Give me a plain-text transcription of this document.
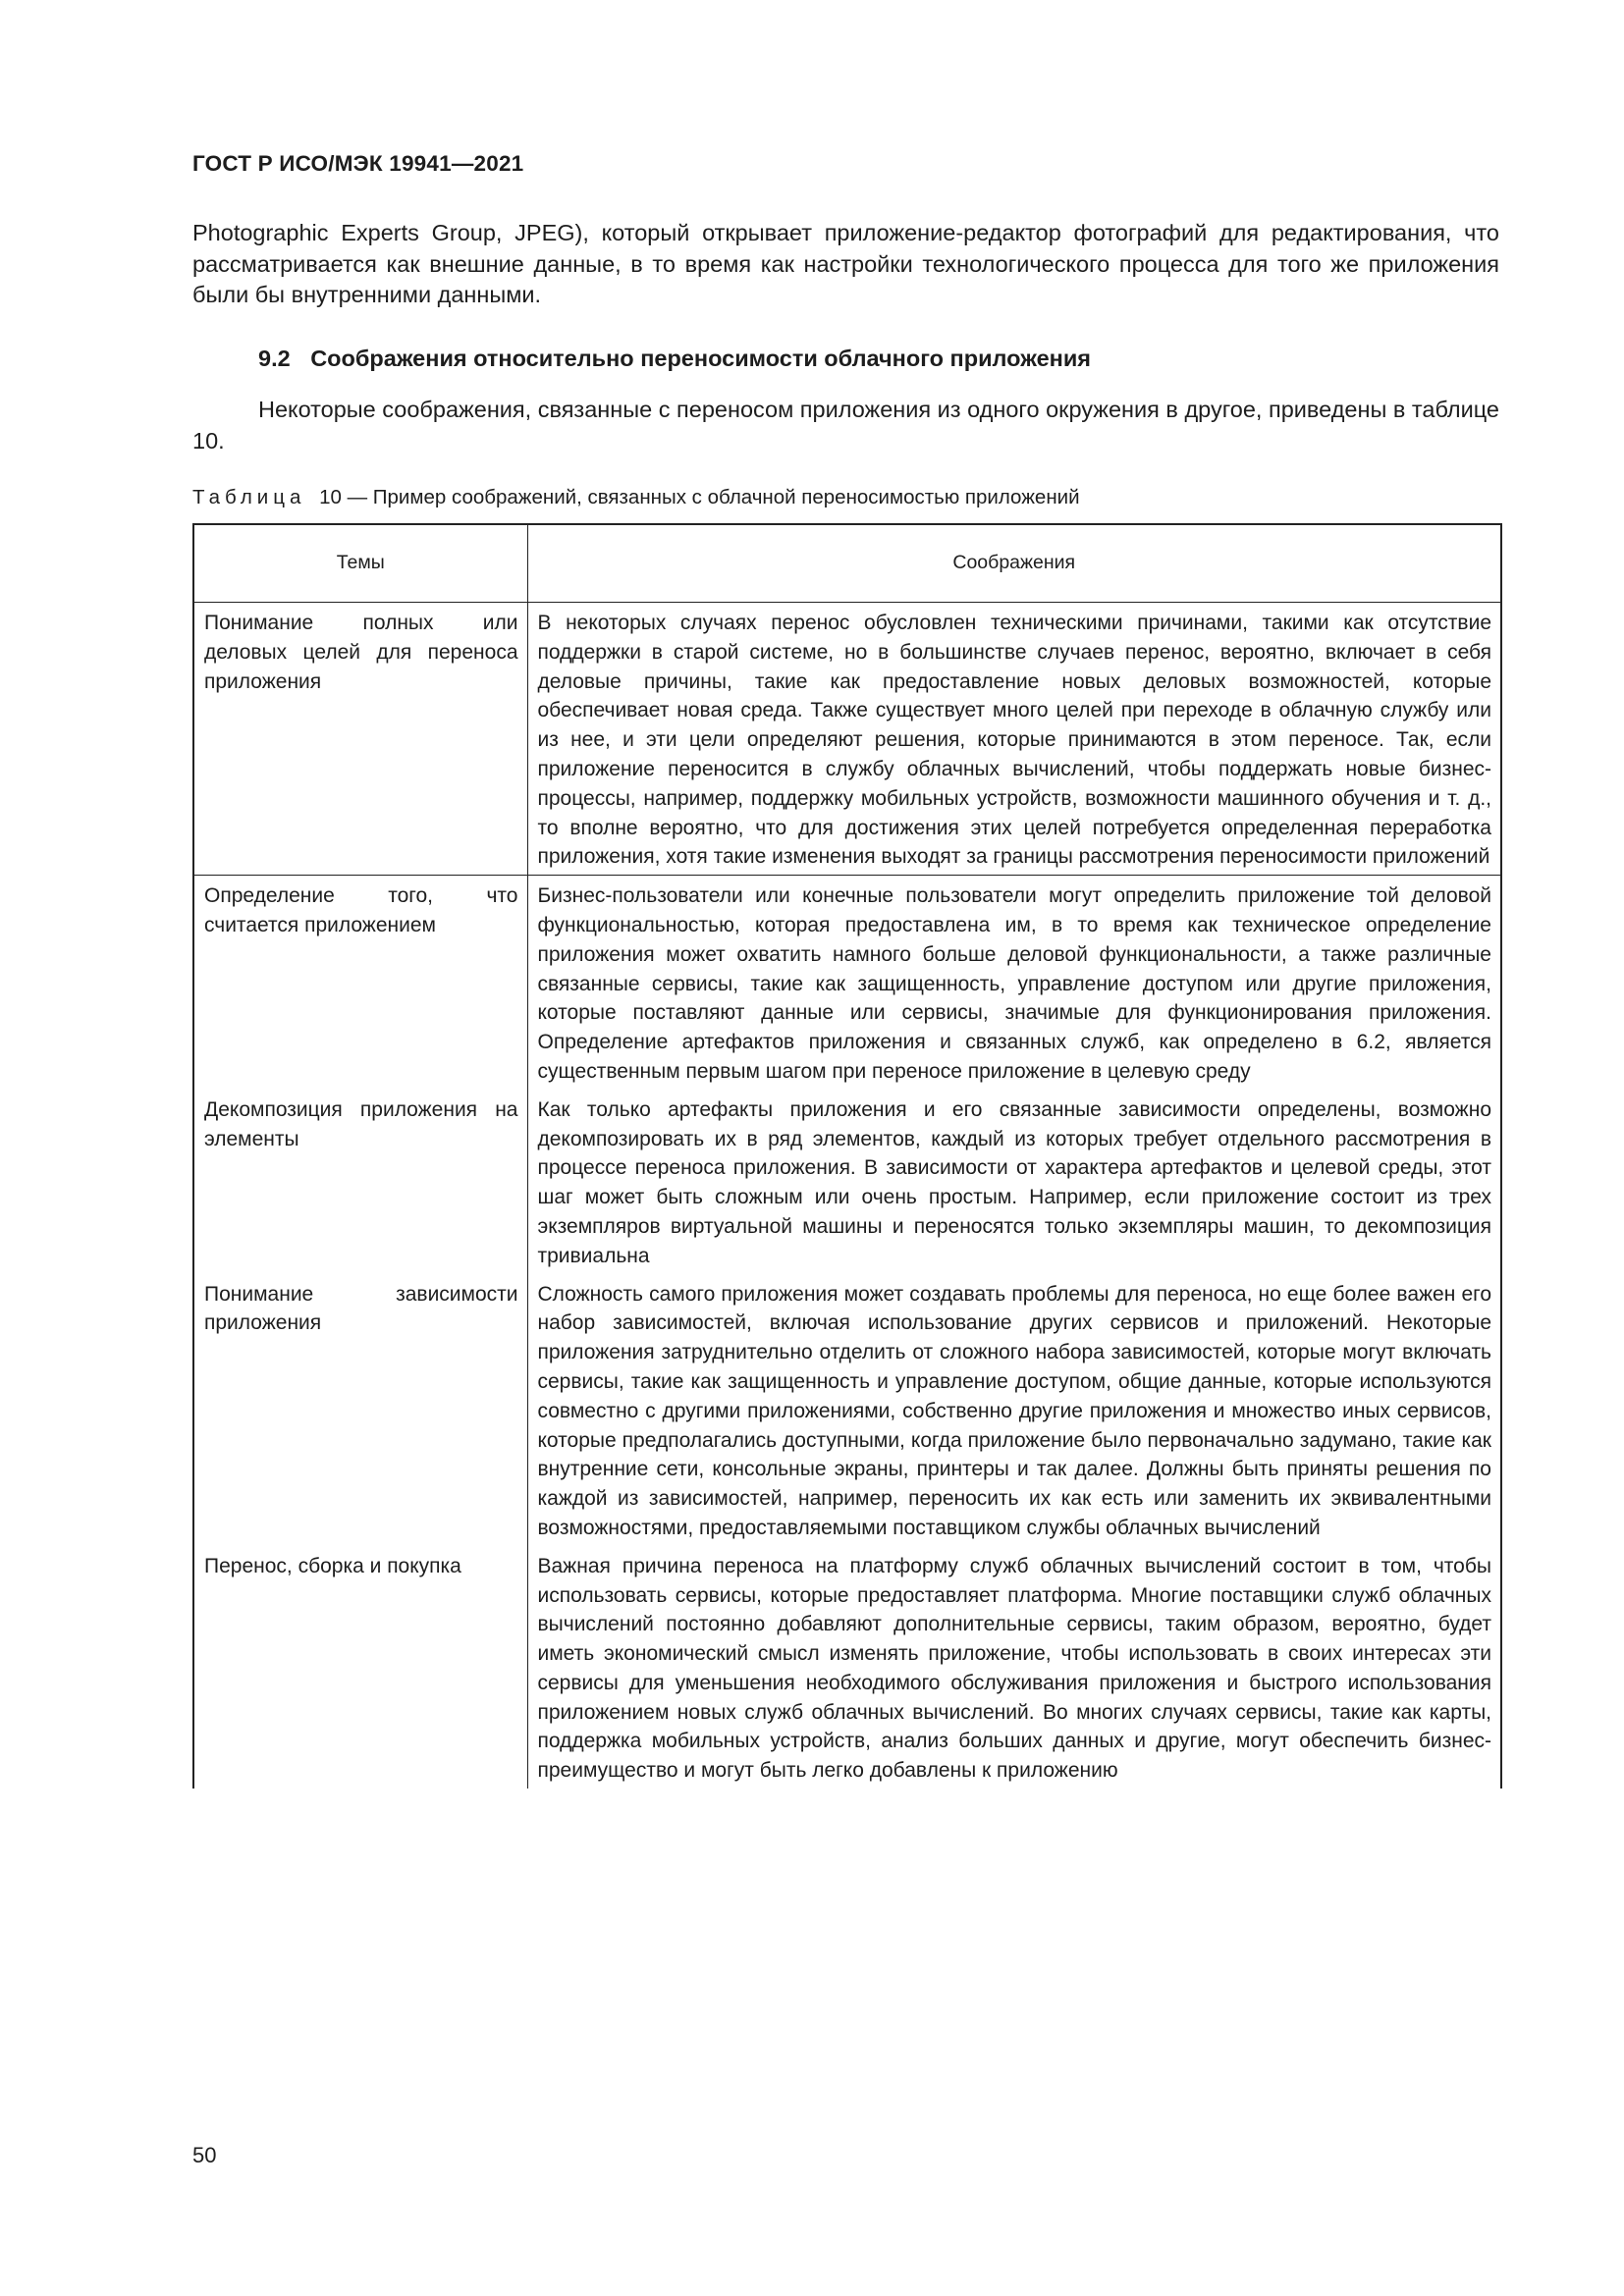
ГОСТ Р ИСО/МЭК 19941—2021

Photographic Experts Group, JPEG), который открывает приложение-редактор фотографий для редактирования, что рассматривается как внешние данные, в то время как настройки технологического процесса для того же приложения были бы внутренними данными.

9.2 Соображения относительно переносимости облачного приложения

Некоторые соображения, связанные с переносом приложения из одного окружения в другое, приведены в таблице 10.

Таблица 10 — Пример соображений, связанных с облачной переносимостью приложений
Темы	Соображения
Понимание полных или деловых целей для переноса приложения	В некоторых случаях перенос обусловлен техническими причинами, такими как отсутствие поддержки в старой системе, но в большинстве случаев перенос, вероятно, включает в себя деловые причины, такие как предоставление новых деловых возможностей, которые обеспечивает новая среда. Также существует много целей при переходе в облачную службу или из нее, и эти цели определяют решения, которые принимаются в этом переносе. Так, если приложение переносится в службу облачных вычислений, чтобы поддержать новые бизнес-процессы, например, поддержку мобильных устройств, возможности машинного обучения и т. д., то вполне вероятно, что для достижения этих целей потребуется определенная переработка приложения, хотя такие изменения выходят за границы рассмотрения переносимости приложений
Определение того, что считается приложением	Бизнес-пользователи или конечные пользователи могут определить приложение той деловой функциональностью, которая предоставлена им, в то время как техническое определение приложения может охватить намного больше деловой функциональности, а также различные связанные сервисы, такие как защищенность, управление доступом или другие приложения, которые поставляют данные или сервисы, значимые для функционирования приложения. Определение артефактов приложения и связанных служб, как определено в 6.2, является существенным первым шагом при переносе приложение в целевую среду
Декомпозиция приложения на элементы	Как только артефакты приложения и его связанные зависимости определены, возможно декомпозировать их в ряд элементов, каждый из которых требует отдельного рассмотрения в процессе переноса приложения. В зависимости от характера артефактов и целевой среды, этот шаг может быть сложным или очень простым. Например, если приложение состоит из трех экземпляров виртуальной машины и переносятся только экземпляры машин, то декомпозиция тривиальна
Понимание зависимости приложения	Сложность самого приложения может создавать проблемы для переноса, но еще более важен его набор зависимостей, включая использование других сервисов и приложений. Некоторые приложения затруднительно отделить от сложного набора зависимостей, которые могут включать сервисы, такие как защищенность и управление доступом, общие данные, которые используются совместно с другими приложениями, собственно другие приложения и множество иных сервисов, которые предполагались доступными, когда приложение было первоначально задумано, такие как внутренние сети, консольные экраны, принтеры и так далее. Должны быть приняты решения по каждой из зависимостей, например, переносить их как есть или заменить их эквивалентными возможностями, предоставляемыми поставщиком службы облачных вычислений
Перенос, сборка и покупка	Важная причина переноса на платформу служб облачных вычислений состоит в том, чтобы использовать сервисы, которые предоставляет платформа. Многие поставщики служб облачных вычислений постоянно добавляют дополнительные сервисы, таким образом, вероятно, будет иметь экономический смысл изменять приложение, чтобы использовать в своих интересах эти сервисы для уменьшения необходимого обслуживания приложения и быстрого использования приложением новых служб облачных вычислений. Во многих случаях сервисы, такие как карты, поддержка мобильных устройств, анализ больших данных и другие, могут обеспечить бизнес-преимущество и могут быть легко добавлены к приложению
50
